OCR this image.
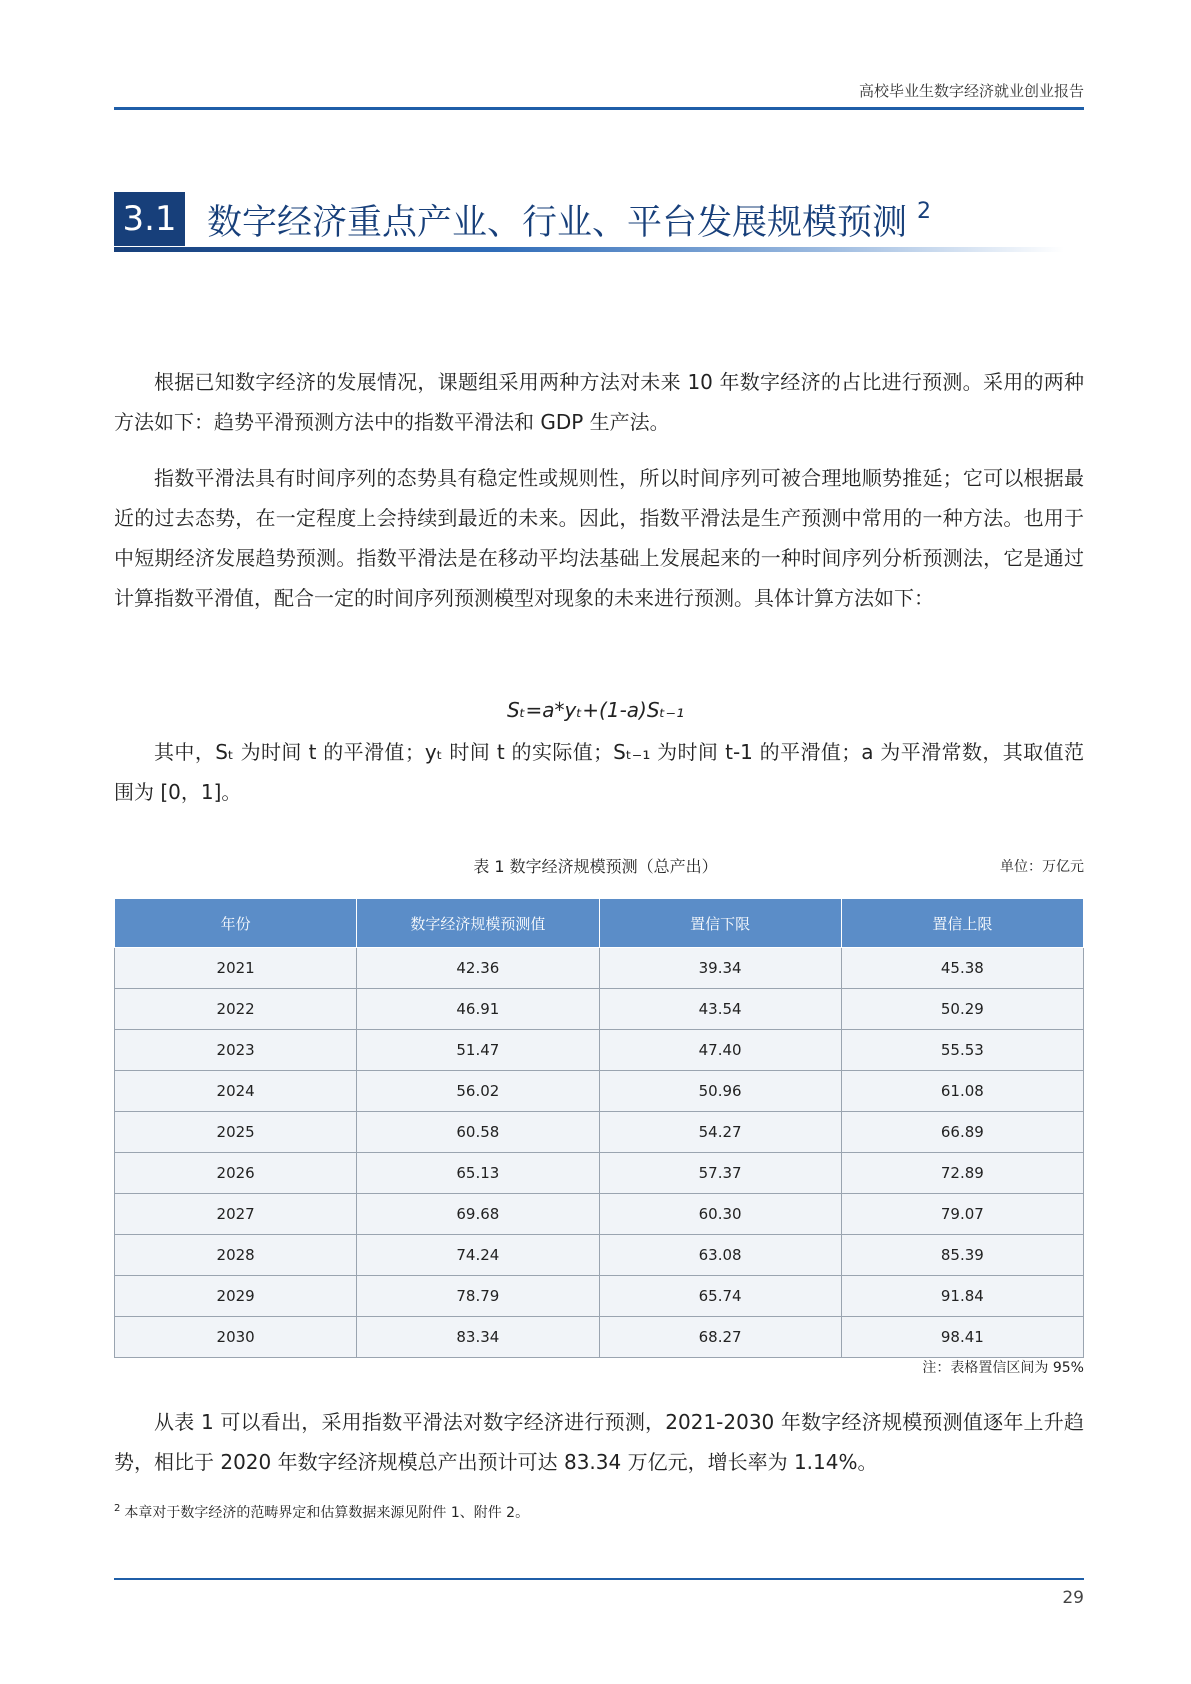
高校毕业生数字经济就业创业报告
3.1 数字经济重点产业、行业、平台发展规模预测 $^2$
根据已知数字经济的发展情况，课题组采用两种方法对未来 10 年数字经济的占比进行预测。采用的两种方法如下：趋势平滑预测方法中的指数平滑法和 GDP 生产法。
指数平滑法具有时间序列的态势具有稳定性或规则性，所以时间序列可被合理地顺势推延；它可以根据最近的过去态势，在一定程度上会持续到最近的未来。因此，指数平滑法是生产预测中常用的一种方法。也用于中短期经济发展趋势预测。指数平滑法是在移动平均法基础上发展起来的一种时间序列分析预测法，它是通过计算指数平滑值，配合一定的时间序列预测模型对现象的未来进行预测。具体计算方法如下：
Sₜ=a*yₜ+(1-a)Sₜ₋₁
其中，Sₜ 为时间 t 的平滑值；yₜ 时间 t 的实际值；Sₜ₋₁ 为时间 t-1 的平滑值；a 为平滑常数，其取值范围为 [0，1]。
表 1 数字经济规模预测（总产出）	单位：万亿元
年份	数字经济规模预测值	置信下限	置信上限
2021	42.36	39.34	45.38
2022	46.91	43.54	50.29
2023	51.47	47.40	55.53
2024	56.02	50.96	61.08
2025	60.58	54.27	66.89
2026	65.13	57.37	72.89
2027	69.68	60.30	79.07
2028	74.24	63.08	85.39
2029	78.79	65.74	91.84
2030	83.34	68.27	98.41
注：表格置信区间为 95%
从表 1 可以看出，采用指数平滑法对数字经济进行预测，2021-2030 年数字经济规模预测值逐年上升趋势，相比于 2020 年数字经济规模总产出预计可达 83.34 万亿元，增长率为 1.14%。
$^2$ 本章对于数字经济的范畴界定和估算数据来源见附件 1、附件 2。
29
